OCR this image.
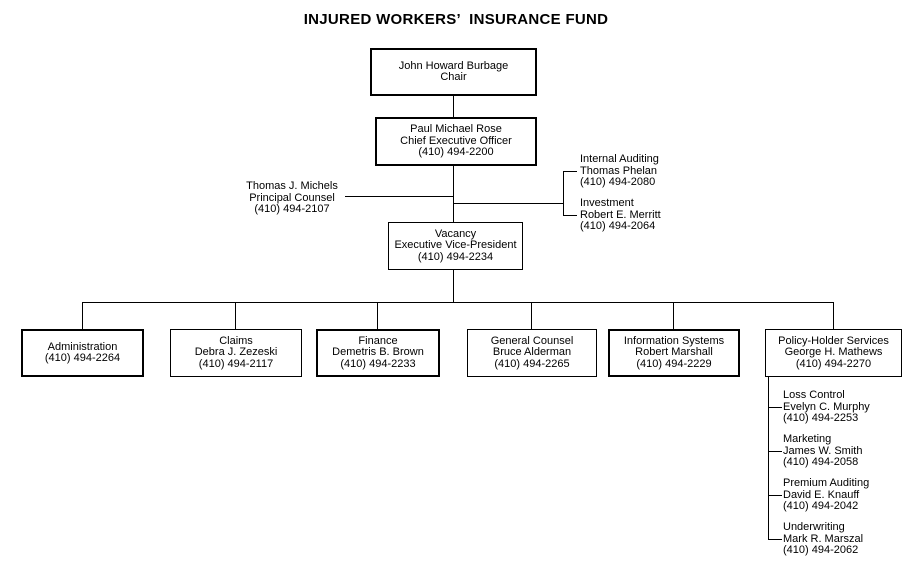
INJURED WORKERS’  INSURANCE FUND
John Howard Burbage
Chair
Paul Michael Rose
Chief Executive Officer
(410) 494-2200
Vacancy
Executive Vice-President
(410) 494-2234
Thomas J. Michels
Principal Counsel
(410) 494-2107
Internal Auditing
Thomas Phelan
(410) 494-2080
Investment
Robert E. Merritt
(410) 494-2064
Administration
(410) 494-2264
Claims
Debra J. Zezeski
(410) 494-2117
Finance
Demetris B. Brown
(410) 494-2233
General Counsel
Bruce Alderman
(410) 494-2265
Information Systems
Robert Marshall
(410) 494-2229
Policy-Holder Services
George H. Mathews
(410) 494-2270
Loss Control
Evelyn C. Murphy
(410) 494-2253
Marketing
James W. Smith
(410) 494-2058
Premium Auditing
David E. Knauff
(410) 494-2042
Underwriting
Mark R. Marszal
(410) 494-2062
